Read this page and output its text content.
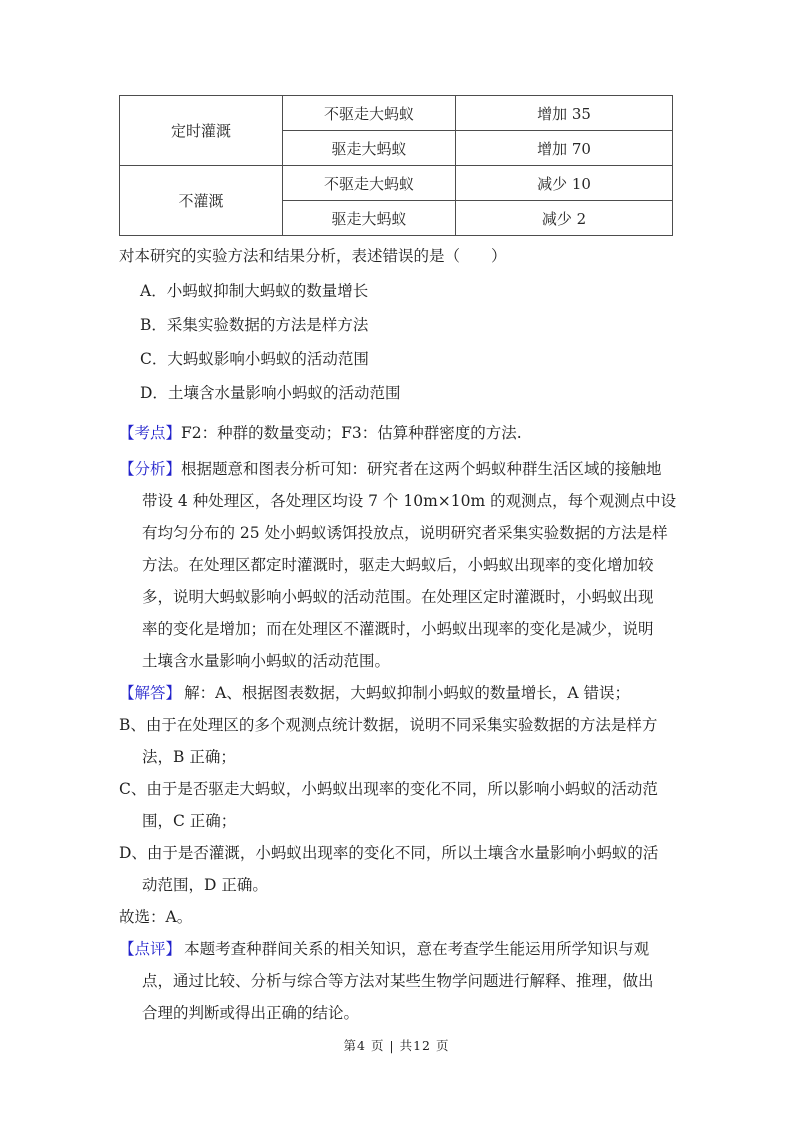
定时灌溉	不驱走大蚂蚁	增加 35
	驱走大蚂蚁	增加 70
不灌溉	不驱走大蚂蚁	减少 10
	驱走大蚂蚁	减少 2
对本研究的实验方法和结果分析，表述错误的是（　　）
A．小蚂蚁抑制大蚂蚁的数量增长
B．采集实验数据的方法是样方法
C．大蚂蚁影响小蚂蚁的活动范围
D．土壤含水量影响小蚂蚁的活动范围
【考点】F2：种群的数量变动；F3：估算种群密度的方法.
【分析】根据题意和图表分析可知：研究者在这两个蚂蚁种群生活区域的接触地
带设 4 种处理区，各处理区均设 7 个 10m×10m 的观测点，每个观测点中设
有均匀分布的 25 处小蚂蚁诱饵投放点，说明研究者采集实验数据的方法是样
方法。在处理区都定时灌溉时，驱走大蚂蚁后，小蚂蚁出现率的变化增加较
多，说明大蚂蚁影响小蚂蚁的活动范围。在处理区定时灌溉时，小蚂蚁出现
率的变化是增加；而在处理区不灌溉时，小蚂蚁出现率的变化是减少，说明
土壤含水量影响小蚂蚁的活动范围。
【解答】  解：A、根据图表数据，大蚂蚁抑制小蚂蚁的数量增长，A 错误；
B、由于在处理区的多个观测点统计数据，说明不同采集实验数据的方法是样方
法，B 正确；
C、由于是否驱走大蚂蚁，小蚂蚁出现率的变化不同，所以影响小蚂蚁的活动范
围，C 正确；
D、由于是否灌溉，小蚂蚁出现率的变化不同，所以土壤含水量影响小蚂蚁的活
动范围，D 正确。
故选：A。
【点评】  本题考查种群间关系的相关知识，意在考查学生能运用所学知识与观
点，通过比较、分析与综合等方法对某些生物学问题进行解释、推理，做出
合理的判断或得出正确的结论。
第4 页 | 共12 页
